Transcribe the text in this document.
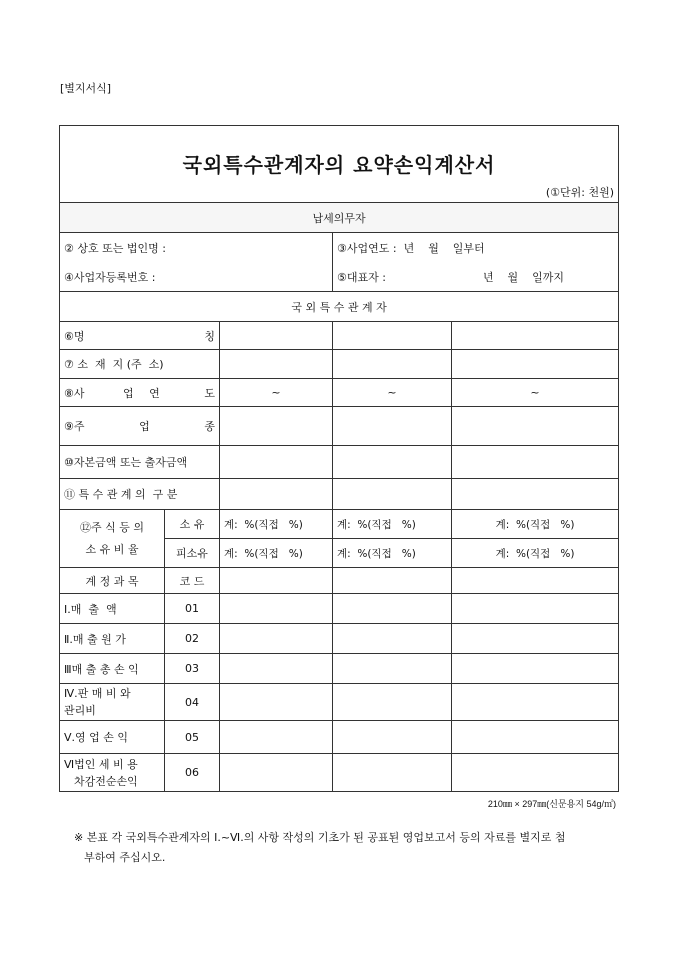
[별지서식]
국외특수관계자의 요약손익계산서				
(①단위: 천원)				
납세의무자				
② 상호 또는 법인명 :			③사업연도 : 년    월    일부터	
④사업자등록번호 :			⑤대표자 : 년    월    일까지	

국 외 특 수 관 계 자				

⑥명 칭				

⑦ 소  재  지 (주  소)				

⑧사 업 연 도		~	~	~

⑨주 업 종				

⑩자본금액 또는 출자금액				
⑪ 특 수 관 계 의  구 분				

⑫주 식 등 의
소 유 비 율	소 유	계:  %(직접   %)	계:  %(직접   %)	계:  %(직접   %)
	피소유	계:  %(직접   %)	계:  %(직접   %)	계:  %(직접   %)
계 정 과 목	코 드			
Ⅰ.매  출  액	01			
Ⅱ.매 출 원 가	02			
Ⅲ매 출 총 손 익	03			

Ⅳ.판 매 비 와
관리비	04			
Ⅴ.영 업 손 익	05			

Ⅵ법인 세 비 용
차감전순손익	06			
210㎜ × 297㎜(신문용지 54g/㎡)
※ 본표 각 국외특수관계자의 Ⅰ.~Ⅵ.의 사항 작성의 기초가 된 공표된 영업보고서 등의 자료를 별지로 첨
부하여 주십시오.
